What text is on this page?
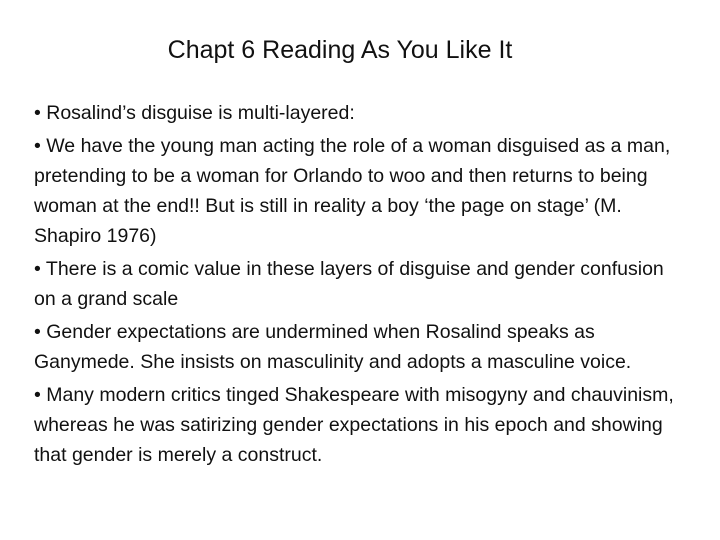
Chapt 6 Reading As You Like It
• Rosalind’s disguise is multi-layered:
• We have the young man acting the role of a woman disguised as a man, pretending to be a woman for Orlando to woo and then returns to being woman at the end!! But is still in reality a boy ‘the page on stage’ (M. Shapiro 1976)
• There is a comic value in these layers of disguise and gender confusion on a grand scale
• Gender expectations are undermined when Rosalind speaks as Ganymede. She insists on masculinity and adopts a masculine voice.
• Many modern critics tinged Shakespeare with misogyny and chauvinism, whereas he was satirizing gender expectations in his epoch and showing that gender is merely a construct.
